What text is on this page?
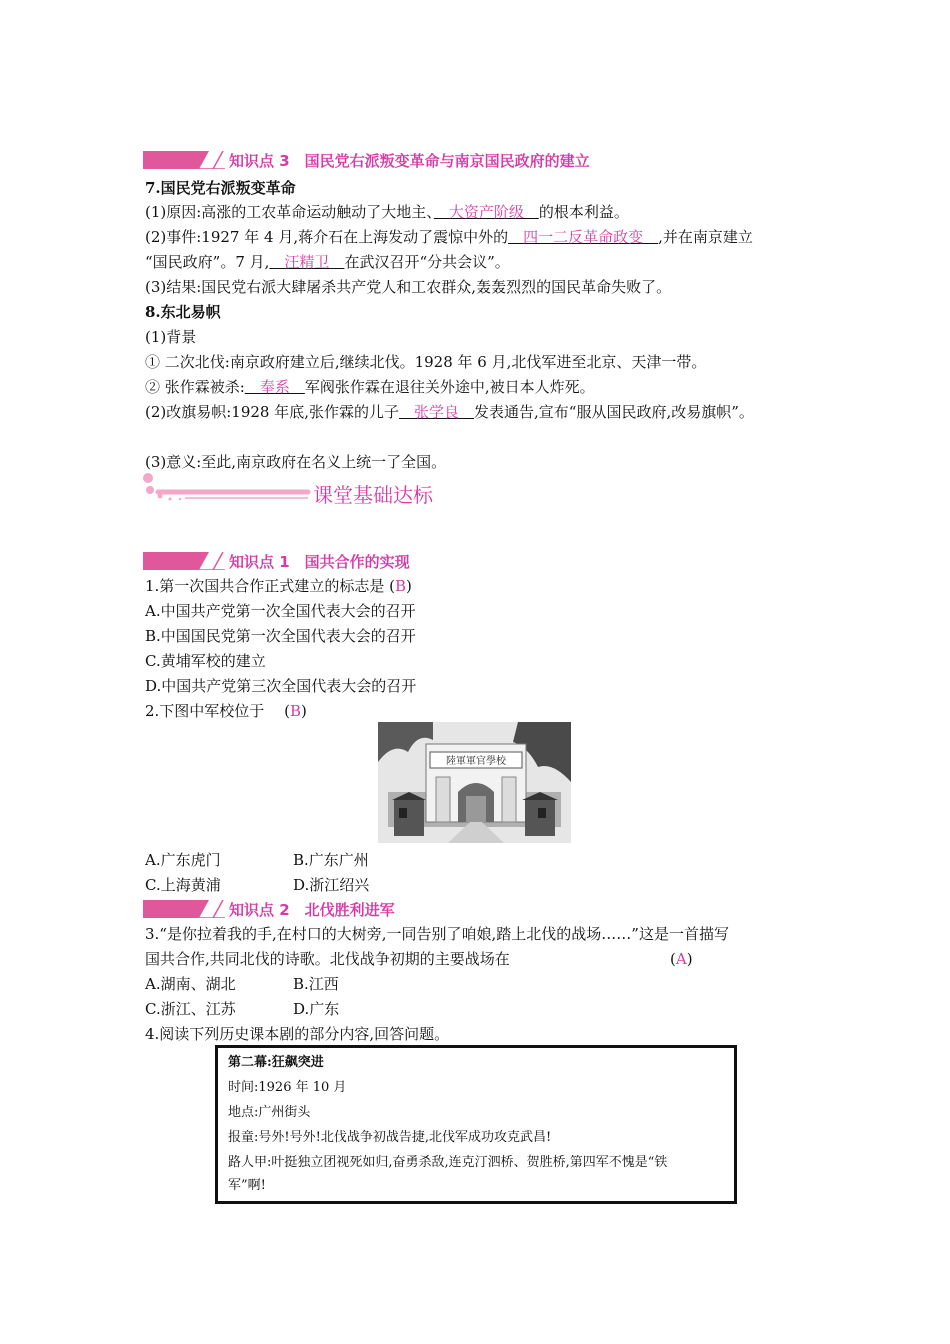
知识点 3　国民党右派叛变革命与南京国民政府的建立
7.国民党右派叛变革命
(1)原因:高涨的工农革命运动触动了大地主、　大资产阶级　的根本利益。
(2)事件:1927 年 4 月,蒋介石在上海发动了震惊中外的　四一二反革命政变　,并在南京建立
“国民政府”。7 月,　汪精卫　在武汉召开“分共会议”。
(3)结果:国民党右派大肆屠杀共产党人和工农群众,轰轰烈烈的国民革命失败了。
8.东北易帜
(1)背景
① 二次北伐:南京政府建立后,继续北伐。1928 年 6 月,北伐军进至北京、天津一带。
② 张作霖被杀:　奉系　军阀张作霖在退往关外途中,被日本人炸死。
(2)改旗易帜:1928 年底,张作霖的儿子　张学良　发表通告,宣布“服从国民政府,改易旗帜”。
(3)意义:至此,南京政府在名义上统一了全国。
课堂基础达标
知识点 1　国共合作的实现
1.第一次国共合作正式建立的标志是 (B)
A.中国共产党第一次全国代表大会的召开
B.中国国民党第一次全国代表大会的召开
C.黄埔军校的建立
D.中国共产党第三次全国代表大会的召开
2.下图中军校位于　 (B)
陸軍軍官學校
A.广东虎门	B.广东广州
C.上海黄浦	D.浙江绍兴
知识点 2　北伐胜利进军
3.“是你拉着我的手,在村口的大树旁,一同告别了咱娘,踏上北伐的战场……”这是一首描写
国共合作,共同北伐的诗歌。北伐战争初期的主要战场在	(A)
A.湖南、湖北	B.江西
C.浙江、江苏	D.广东
4.阅读下列历史课本剧的部分内容,回答问题。
第二幕:狂飙突进
时间:1926 年 10 月
地点:广州街头
报童:号外!号外!北伐战争初战告捷,北伐军成功攻克武昌!
路人甲:叶挺独立团视死如归,奋勇杀敌,连克汀泗桥、贺胜桥,第四军不愧是“铁
军”啊!
